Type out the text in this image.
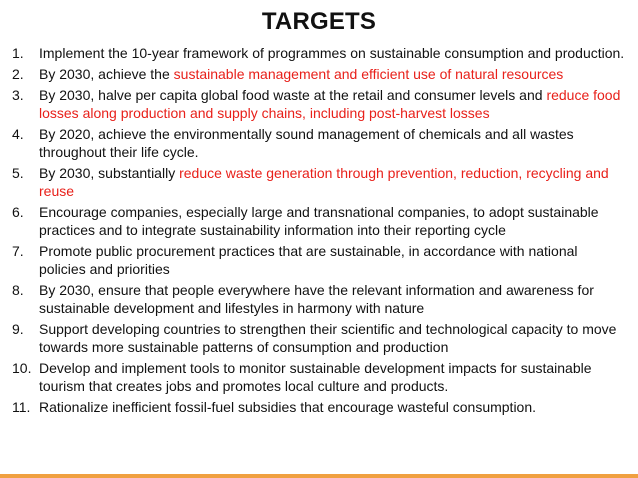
TARGETS
1.	Implement the 10-year framework of programmes on sustainable consumption and production.
2.	By 2030, achieve the sustainable management and efficient use of natural resources
3.	By 2030, halve per capita global food waste at the retail and consumer levels and reduce food losses along production and supply chains, including post-harvest losses
4.	By 2020, achieve the environmentally sound management of chemicals and all wastes throughout their life cycle.
5.	By 2030, substantially reduce waste generation through prevention, reduction, recycling and reuse
6.	Encourage companies, especially large and transnational companies, to adopt sustainable practices and to integrate sustainability information into their reporting cycle
7.	Promote public procurement practices that are sustainable, in accordance with national policies and priorities
8.	By 2030, ensure that people everywhere have the relevant information and awareness for sustainable development and lifestyles in harmony with nature
9.	Support developing countries to strengthen their scientific and technological capacity to move towards more sustainable patterns of consumption and production
10. Develop and implement tools to monitor sustainable development impacts for sustainable tourism that creates jobs and promotes local culture and products.
11. Rationalize inefficient fossil-fuel subsidies that encourage wasteful consumption.
